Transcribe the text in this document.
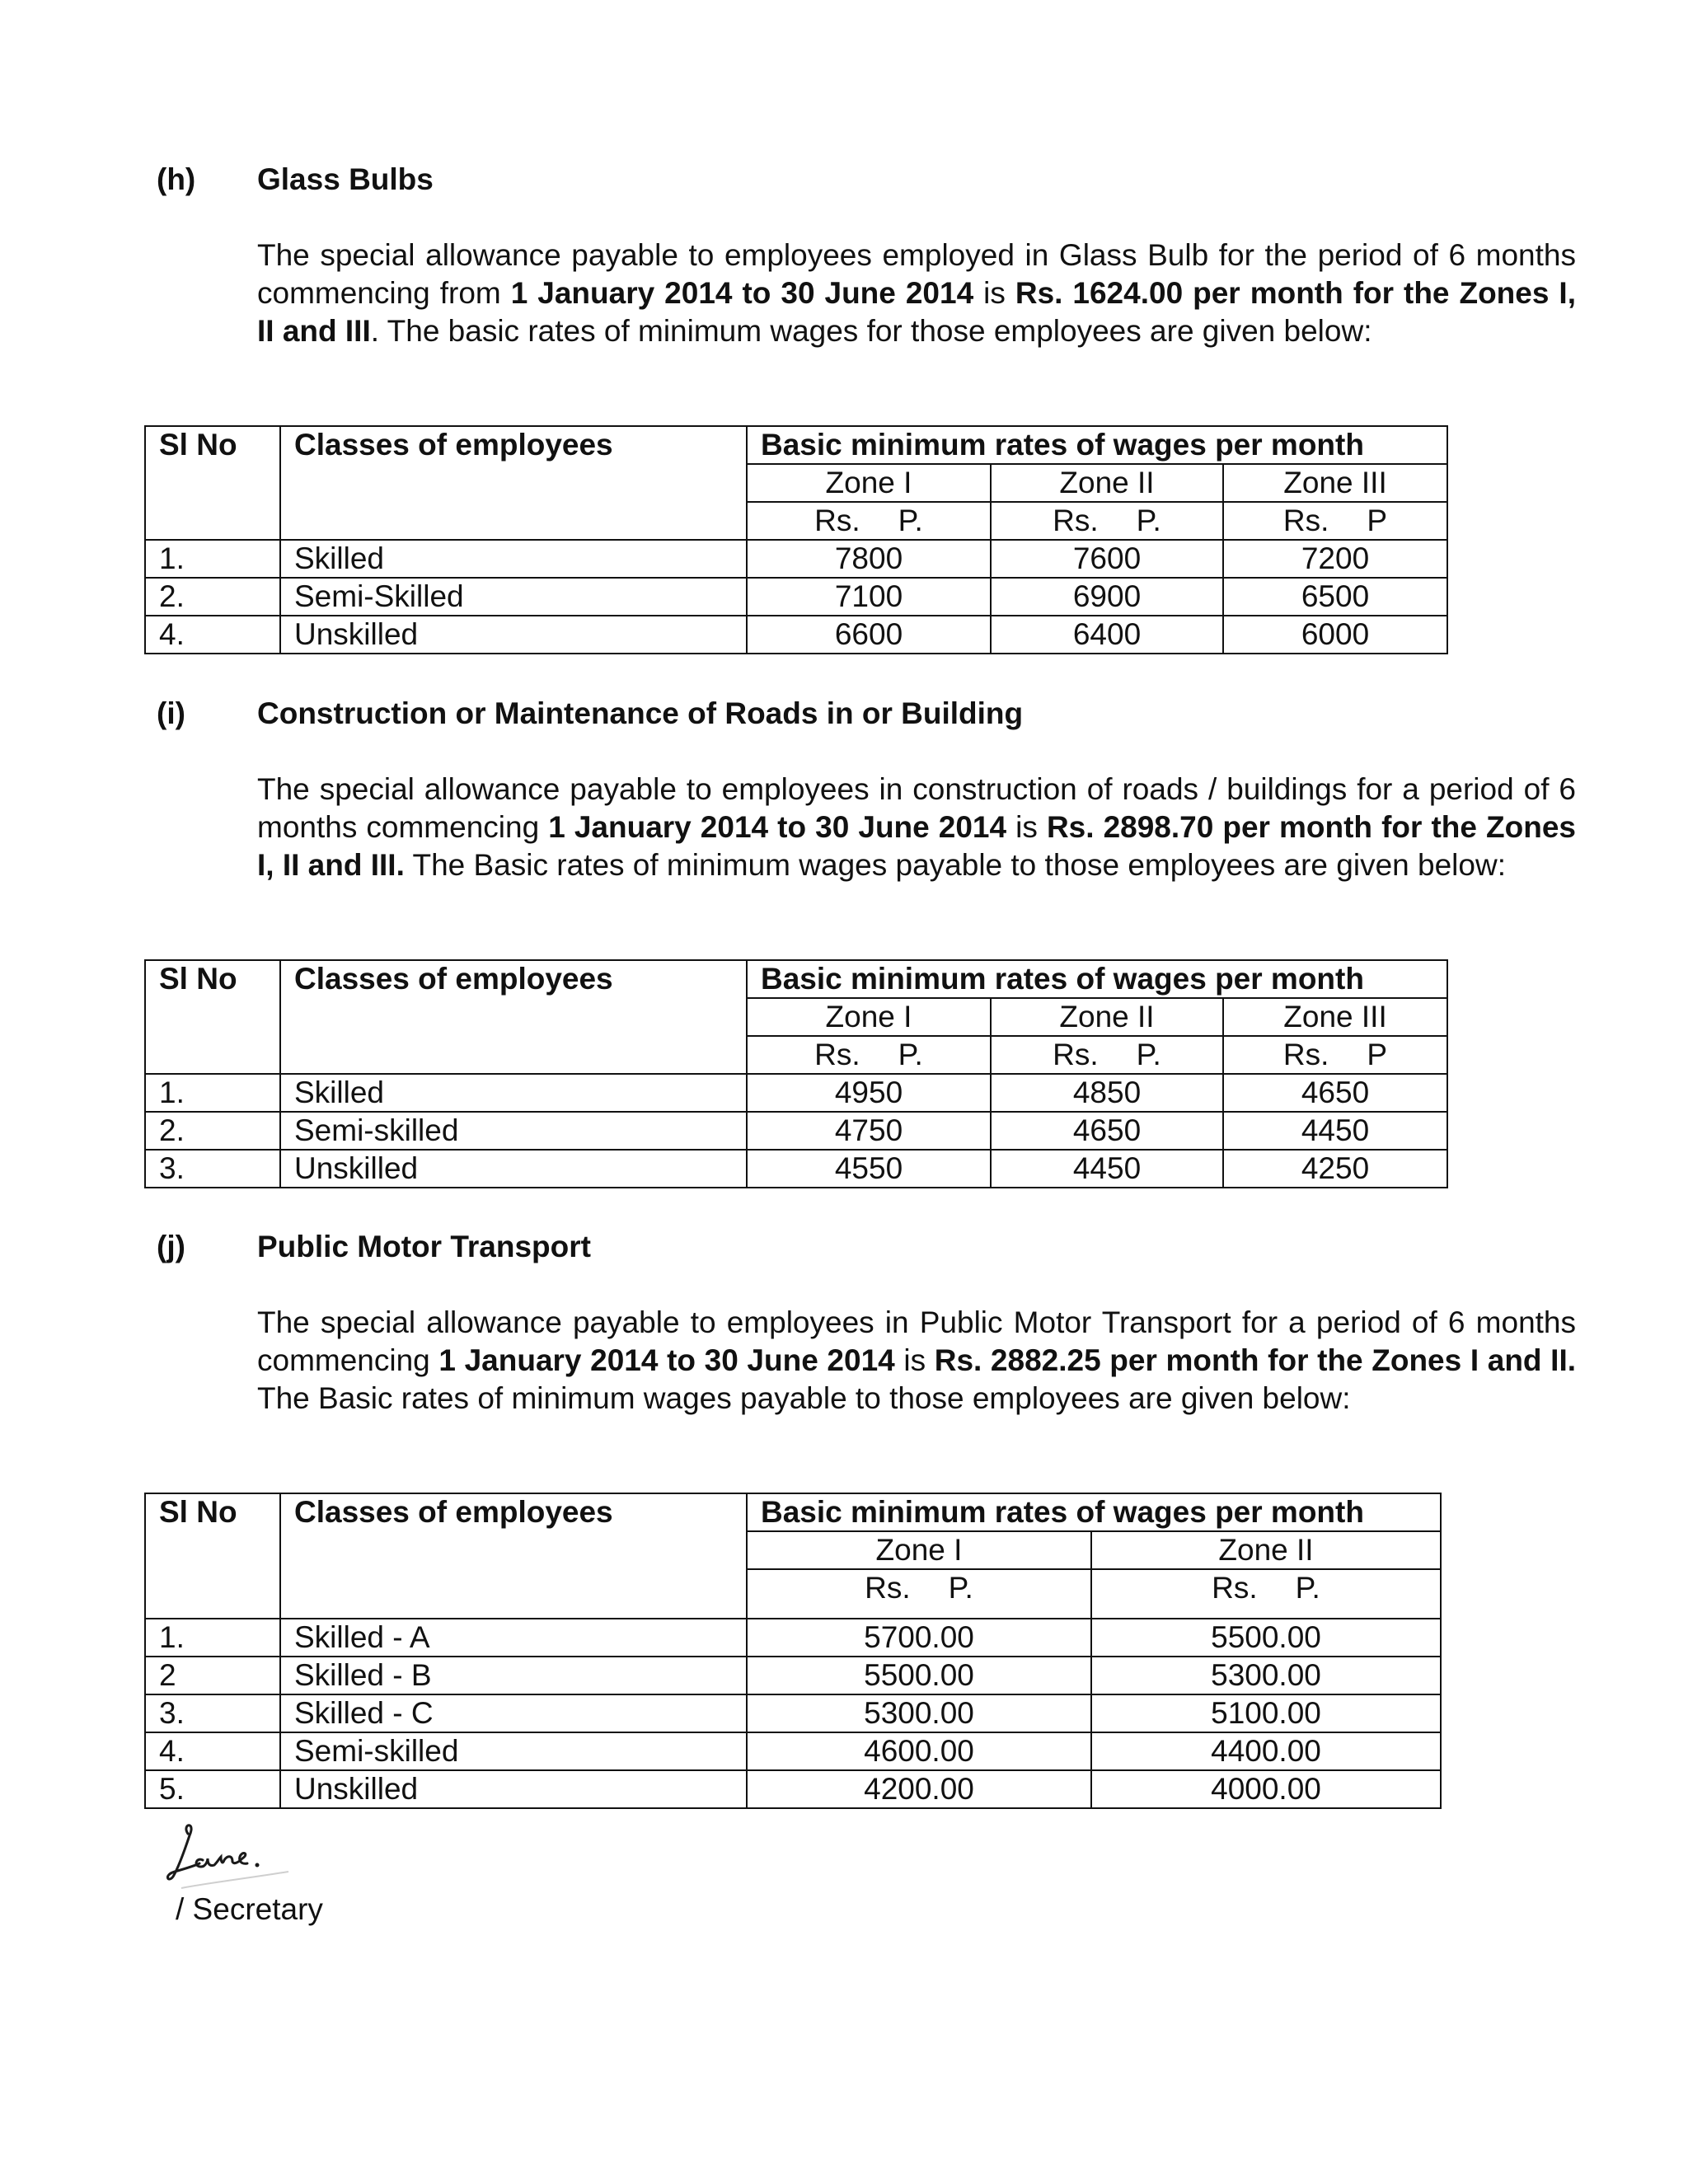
(h) Glass Bulbs
The special allowance payable to employees employed in Glass Bulb for the period of 6 months commencing from 1 January 2014 to 30 June 2014 is Rs. 1624.00 per month for the Zones I, II and III. The basic rates of minimum wages for those employees are given below:
Sl No	Classes of employees	Basic minimum rates of wages per month		
		Zone I	Zone II	Zone III
		Rs. P.	Rs. P.	Rs. P
1.	Skilled	7800	7600	7200
2.	Semi-Skilled	7100	6900	6500
4.	Unskilled	6600	6400	6000
(i) Construction or Maintenance of Roads in or Building
The special allowance payable to employees in construction of roads / buildings for a period of 6 months commencing 1 January 2014 to 30 June 2014 is Rs. 2898.70 per month for the Zones I, II and III. The Basic rates of minimum wages payable to those employees are given below:
Sl No	Classes of employees	Basic minimum rates of wages per month		
		Zone I	Zone II	Zone III
		Rs. P.	Rs. P.	Rs. P
1.	Skilled	4950	4850	4650
2.	Semi-skilled	4750	4650	4450
3.	Unskilled	4550	4450	4250
(j) Public Motor Transport
The special allowance payable to employees in Public Motor Transport for a period of 6 months commencing 1 January 2014 to 30 June 2014 is Rs. 2882.25 per month for the Zones I and II. The Basic rates of minimum wages payable to those employees are given below:
Sl No	Classes of employees	Basic minimum rates of wages per month	
		Zone I	Zone II
		Rs. P.	Rs. P.
1.	Skilled - A	5700.00	5500.00
2	Skilled - B	5500.00	5300.00
3.	Skilled - C	5300.00	5100.00
4.	Semi-skilled	4600.00	4400.00
5.	Unskilled	4200.00	4000.00
/ Secretary
